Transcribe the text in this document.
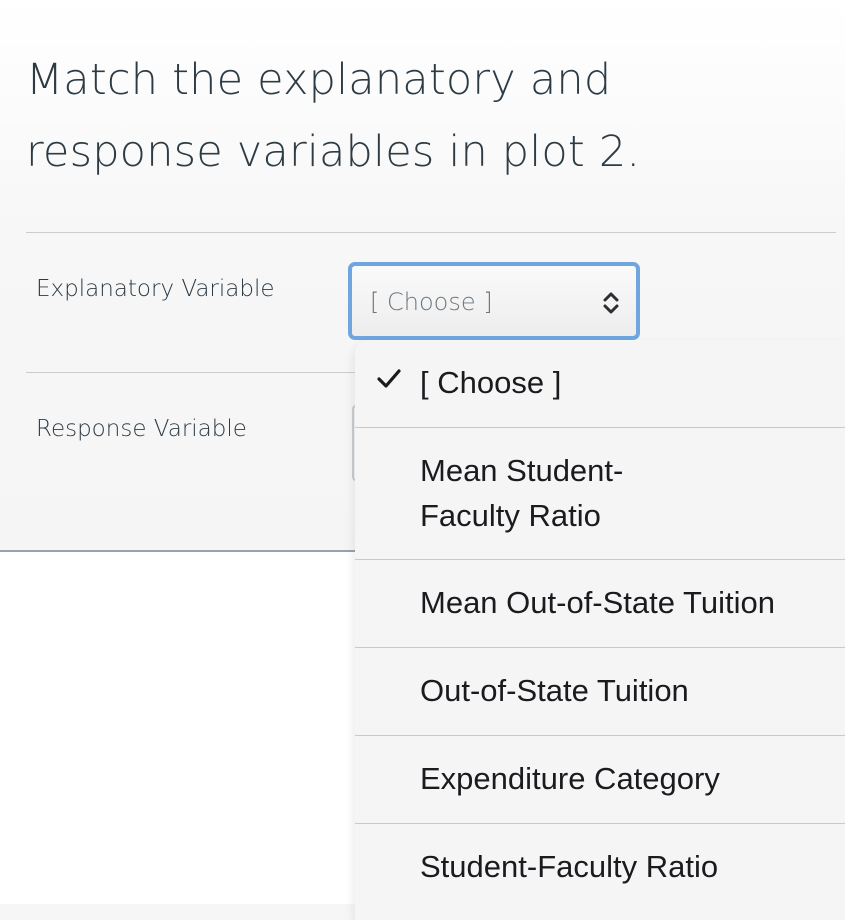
Match the explanatory and response variables in plot 2.

Explanatory Variable
Response Variable
[ Choose ]
[ Choose ]
Mean Student-
Faculty Ratio
Mean Out-of-State Tuition
Out-of-State Tuition
Expenditure Category
Student-Faculty Ratio
